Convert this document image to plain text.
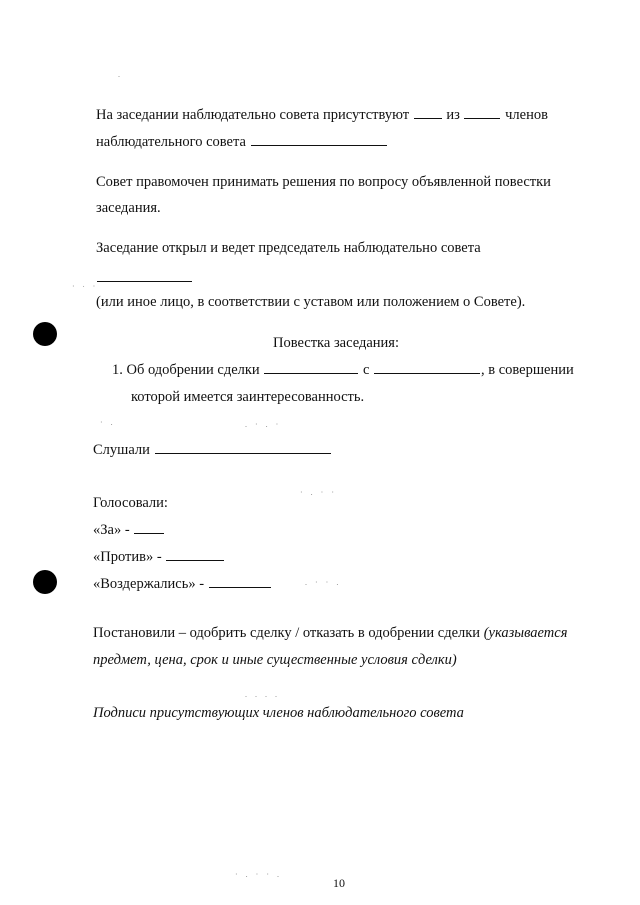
.
· ∙ ·
· .	. · . ·
· . · ·
. · · .
. . . .
· . · · .
На заседании наблюдательно совета присутствуют	из	членов
наблюдательного совета
Совет правомочен принимать решения по вопросу объявленной повестки
заседания.
Заседание открыл и ведет председатель наблюдательно совета
(или иное лицо, в соответствии с уставом или положением о Совете).
Повестка заседания:
1. Об одобрении сделки	с	, в совершении
которой имеется заинтересованность.
Слушали
Голосовали:
«За» -
«Против» -
«Воздержались» -
Постановили – одобрить сделку / отказать в одобрении сделки (указывается
предмет, цена, срок и иные существенные условия сделки)
Подписи присутствующих членов наблюдательного совета
10
